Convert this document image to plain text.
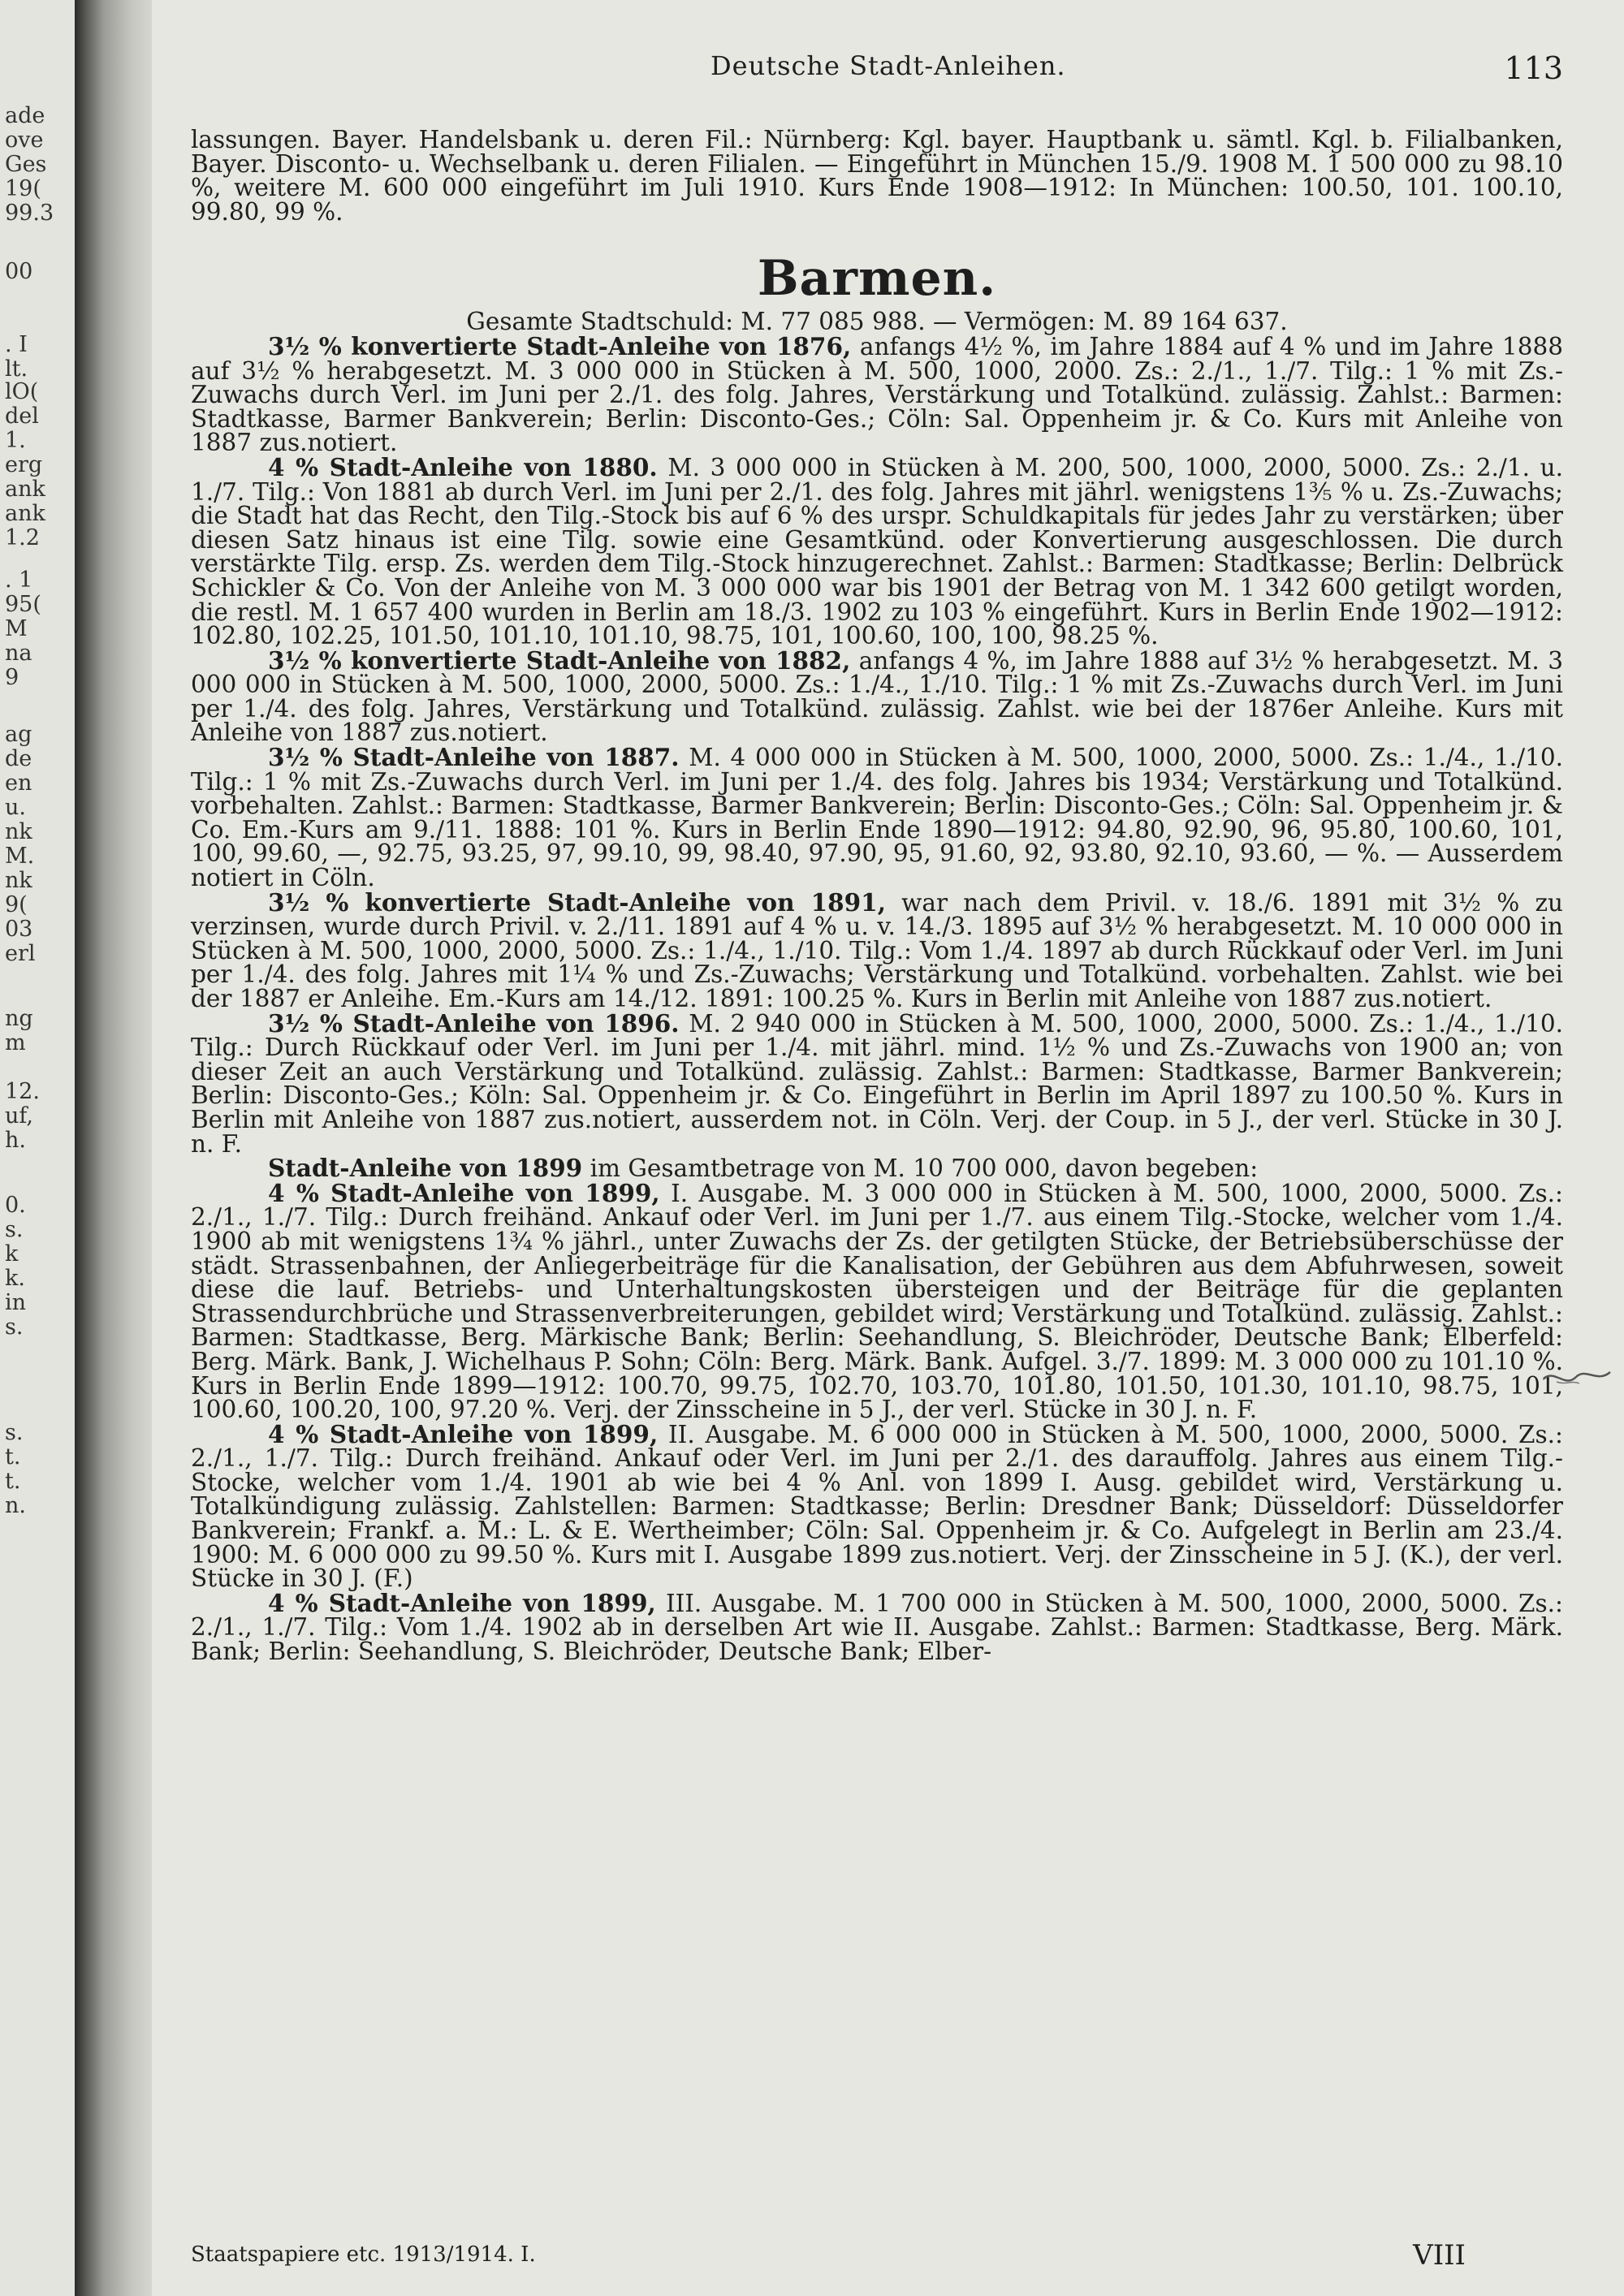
ade
ove
Ges
19(
99.3
00
. I
lt.
lO(
del
1.
erg
ank
ank
1.2
. 1
95(
M
na
9
ag
de
en
u.
nk
M.
nk
9(
03
erl
ng
m
12.
uf,
h.
0.
s.
k
k.
in
s.
s.
t.
t.
n.
Deutsche Stadt-Anleihen.	113

lassungen. Bayer. Handelsbank u. deren Fil.: Nürnberg: Kgl. bayer. Hauptbank u. sämtl. Kgl. b. Filialbanken, Bayer. Disconto- u. Wechselbank u. deren Filialen. — Eingeführt in München 15./9. 1908 M. 1 500 000 zu 98.10 %, weitere M. 600 000 eingeführt im Juli 1910. Kurs Ende 1908—1912: In München: 100.50, 101. 100.10, 99.80, 99 %.

Barmen.

Gesamte Stadtschuld: M. 77 085 988. — Vermögen: M. 89 164 637.

3½ % konvertierte Stadt-Anleihe von 1876, anfangs 4½ %, im Jahre 1884 auf 4 % und im Jahre 1888 auf 3½ % herabgesetzt. M. 3 000 000 in Stücken à M. 500, 1000, 2000. Zs.: 2./1., 1./7. Tilg.: 1 % mit Zs.-Zuwachs durch Verl. im Juni per 2./1. des folg. Jahres, Verstärkung und Totalkünd. zulässig. Zahlst.: Barmen: Stadtkasse, Barmer Bankverein; Berlin: Disconto-Ges.; Cöln: Sal. Oppenheim jr. & Co. Kurs mit Anleihe von 1887 zus.notiert.

4 % Stadt-Anleihe von 1880. M. 3 000 000 in Stücken à M. 200, 500, 1000, 2000, 5000. Zs.: 2./1. u. 1./7. Tilg.: Von 1881 ab durch Verl. im Juni per 2./1. des folg. Jahres mit jährl. wenigstens 1⅗ % u. Zs.-Zuwachs; die Stadt hat das Recht, den Tilg.-Stock bis auf 6 % des urspr. Schuldkapitals für jedes Jahr zu verstärken; über diesen Satz hinaus ist eine Tilg. sowie eine Gesamtkünd. oder Konvertierung ausgeschlossen. Die durch verstärkte Tilg. ersp. Zs. werden dem Tilg.-Stock hinzugerechnet. Zahlst.: Barmen: Stadtkasse; Berlin: Delbrück Schickler & Co. Von der Anleihe von M. 3 000 000 war bis 1901 der Betrag von M. 1 342 600 getilgt worden, die restl. M. 1 657 400 wurden in Berlin am 18./3. 1902 zu 103 % eingeführt. Kurs in Berlin Ende 1902—1912: 102.80, 102.25, 101.50, 101.10, 101.10, 98.75, 101, 100.60, 100, 100, 98.25 %.

3½ % konvertierte Stadt-Anleihe von 1882, anfangs 4 %, im Jahre 1888 auf 3½ % herabgesetzt. M. 3 000 000 in Stücken à M. 500, 1000, 2000, 5000. Zs.: 1./4., 1./10. Tilg.: 1 % mit Zs.-Zuwachs durch Verl. im Juni per 1./4. des folg. Jahres, Verstärkung und Totalkünd. zulässig. Zahlst. wie bei der 1876er Anleihe. Kurs mit Anleihe von 1887 zus.notiert.

3½ % Stadt-Anleihe von 1887. M. 4 000 000 in Stücken à M. 500, 1000, 2000, 5000. Zs.: 1./4., 1./10. Tilg.: 1 % mit Zs.-Zuwachs durch Verl. im Juni per 1./4. des folg. Jahres bis 1934; Verstärkung und Totalkünd. vorbehalten. Zahlst.: Barmen: Stadtkasse, Barmer Bankverein; Berlin: Disconto-Ges.; Cöln: Sal. Oppenheim jr. & Co. Em.-Kurs am 9./11. 1888: 101 %. Kurs in Berlin Ende 1890—1912: 94.80, 92.90, 96, 95.80, 100.60, 101, 100, 99.60, —, 92.75, 93.25, 97, 99.10, 99, 98.40, 97.90, 95, 91.60, 92, 93.80, 92.10, 93.60, — %. — Ausserdem notiert in Cöln.

3½ % konvertierte Stadt-Anleihe von 1891, war nach dem Privil. v. 18./6. 1891 mit 3½ % zu verzinsen, wurde durch Privil. v. 2./11. 1891 auf 4 % u. v. 14./3. 1895 auf 3½ % herabgesetzt. M. 10 000 000 in Stücken à M. 500, 1000, 2000, 5000. Zs.: 1./4., 1./10. Tilg.: Vom 1./4. 1897 ab durch Rückkauf oder Verl. im Juni per 1./4. des folg. Jahres mit 1¼ % und Zs.-Zuwachs; Verstärkung und Totalkünd. vorbehalten. Zahlst. wie bei der 1887 er Anleihe. Em.-Kurs am 14./12. 1891: 100.25 %. Kurs in Berlin mit Anleihe von 1887 zus.notiert.

3½ % Stadt-Anleihe von 1896. M. 2 940 000 in Stücken à M. 500, 1000, 2000, 5000. Zs.: 1./4., 1./10. Tilg.: Durch Rückkauf oder Verl. im Juni per 1./4. mit jährl. mind. 1½ % und Zs.-Zuwachs von 1900 an; von dieser Zeit an auch Verstärkung und Totalkünd. zulässig. Zahlst.: Barmen: Stadtkasse, Barmer Bankverein; Berlin: Disconto-Ges.; Köln: Sal. Oppenheim jr. & Co. Eingeführt in Berlin im April 1897 zu 100.50 %. Kurs in Berlin mit Anleihe von 1887 zus.notiert, ausserdem not. in Cöln. Verj. der Coup. in 5 J., der verl. Stücke in 30 J. n. F.

Stadt-Anleihe von 1899 im Gesamtbetrage von M. 10 700 000, davon begeben:

4 % Stadt-Anleihe von 1899, I. Ausgabe. M. 3 000 000 in Stücken à M. 500, 1000, 2000, 5000. Zs.: 2./1., 1./7. Tilg.: Durch freihänd. Ankauf oder Verl. im Juni per 1./7. aus einem Tilg.-Stocke, welcher vom 1./4. 1900 ab mit wenigstens 1¾ % jährl., unter Zuwachs der Zs. der getilgten Stücke, der Betriebsüberschüsse der städt. Strassenbahnen, der Anliegerbeiträge für die Kanalisation, der Gebühren aus dem Abfuhrwesen, soweit diese die lauf. Betriebs- und Unterhaltungskosten übersteigen und der Beiträge für die geplanten Strassendurchbrüche und Strassenverbreiterungen, gebildet wird; Verstärkung und Totalkünd. zulässig. Zahlst.: Barmen: Stadtkasse, Berg. Märkische Bank; Berlin: Seehandlung, S. Bleichröder, Deutsche Bank; Elberfeld: Berg. Märk. Bank, J. Wichelhaus P. Sohn; Cöln: Berg. Märk. Bank. Aufgel. 3./7. 1899: M. 3 000 000 zu 101.10 %. Kurs in Berlin Ende 1899—1912: 100.70, 99.75, 102.70, 103.70, 101.80, 101.50, 101.30, 101.10, 98.75, 101, 100.60, 100.20, 100, 97.20 %. Verj. der Zinsscheine in 5 J., der verl. Stücke in 30 J. n. F.

4 % Stadt-Anleihe von 1899, II. Ausgabe. M. 6 000 000 in Stücken à M. 500, 1000, 2000, 5000. Zs.: 2./1., 1./7. Tilg.: Durch freihänd. Ankauf oder Verl. im Juni per 2./1. des darauffolg. Jahres aus einem Tilg.-Stocke, welcher vom 1./4. 1901 ab wie bei 4 % Anl. von 1899 I. Ausg. gebildet wird, Verstärkung u. Totalkündigung zulässig. Zahlstellen: Barmen: Stadtkasse; Berlin: Dresdner Bank; Düsseldorf: Düsseldorfer Bankverein; Frankf. a. M.: L. & E. Wertheimber; Cöln: Sal. Oppenheim jr. & Co. Aufgelegt in Berlin am 23./4. 1900: M. 6 000 000 zu 99.50 %. Kurs mit I. Ausgabe 1899 zus.notiert. Verj. der Zinsscheine in 5 J. (K.), der verl. Stücke in 30 J. (F.)

4 % Stadt-Anleihe von 1899, III. Ausgabe. M. 1 700 000 in Stücken à M. 500, 1000, 2000, 5000. Zs.: 2./1., 1./7. Tilg.: Vom 1./4. 1902 ab in derselben Art wie II. Ausgabe. Zahlst.: Barmen: Stadtkasse, Berg. Märk. Bank; Berlin: Seehandlung, S. Bleichröder, Deutsche Bank; Elber-

Staatspapiere etc. 1913/1914. I.	VIII
